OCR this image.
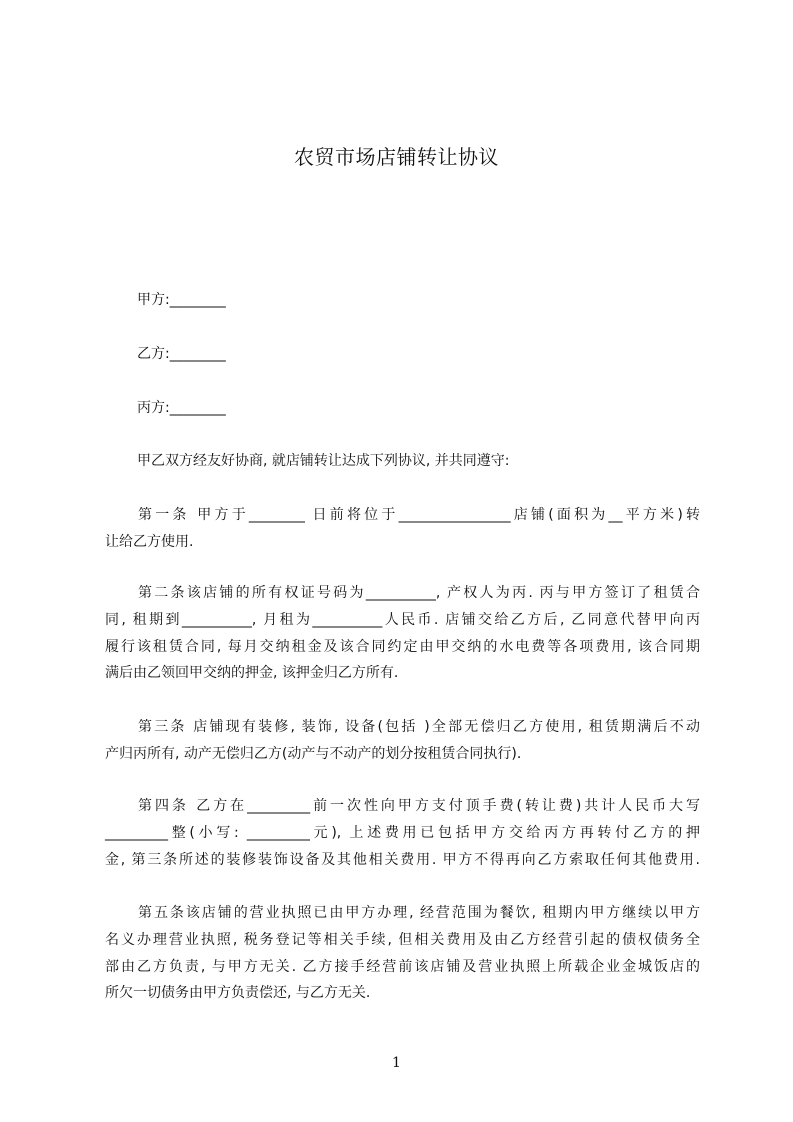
农贸市场店铺转让协议
甲方:________
乙方:________
丙方:________
甲乙双方经友好协商, 就店铺转让达成下列协议, 并共同遵守:
第一条 甲方于________ 日前将位于________________店铺(面积为__平方米)转
让给乙方使用.
第二条该店铺的所有权证号码为__________, 产权人为丙. 丙与甲方签订了租赁合
同, 租期到__________, 月租为__________人民币. 店铺交给乙方后, 乙同意代替甲向丙
履行该租赁合同, 每月交纳租金及该合同约定由甲交纳的水电费等各项费用, 该合同期
满后由乙领回甲交纳的押金, 该押金归乙方所有.
第三条 店铺现有装修, 装饰, 设备(包括 )全部无偿归乙方使用, 租赁期满后不动
产归丙所有, 动产无偿归乙方(动产与不动产的划分按租赁合同执行).
第四条 乙方在_________前一次性向甲方支付顶手费(转让费)共计人民币大写
_________整(小写: _________元), 上述费用已包括甲方交给丙方再转付乙方的押
金, 第三条所述的装修装饰设备及其他相关费用. 甲方不得再向乙方索取任何其他费用.
第五条该店铺的营业执照已由甲方办理, 经营范围为餐饮, 租期内甲方继续以甲方
名义办理营业执照, 税务登记等相关手续, 但相关费用及由乙方经营引起的债权债务全
部由乙方负责, 与甲方无关. 乙方接手经营前该店铺及营业执照上所载企业金城饭店的
所欠一切债务由甲方负责偿还, 与乙方无关.
1
